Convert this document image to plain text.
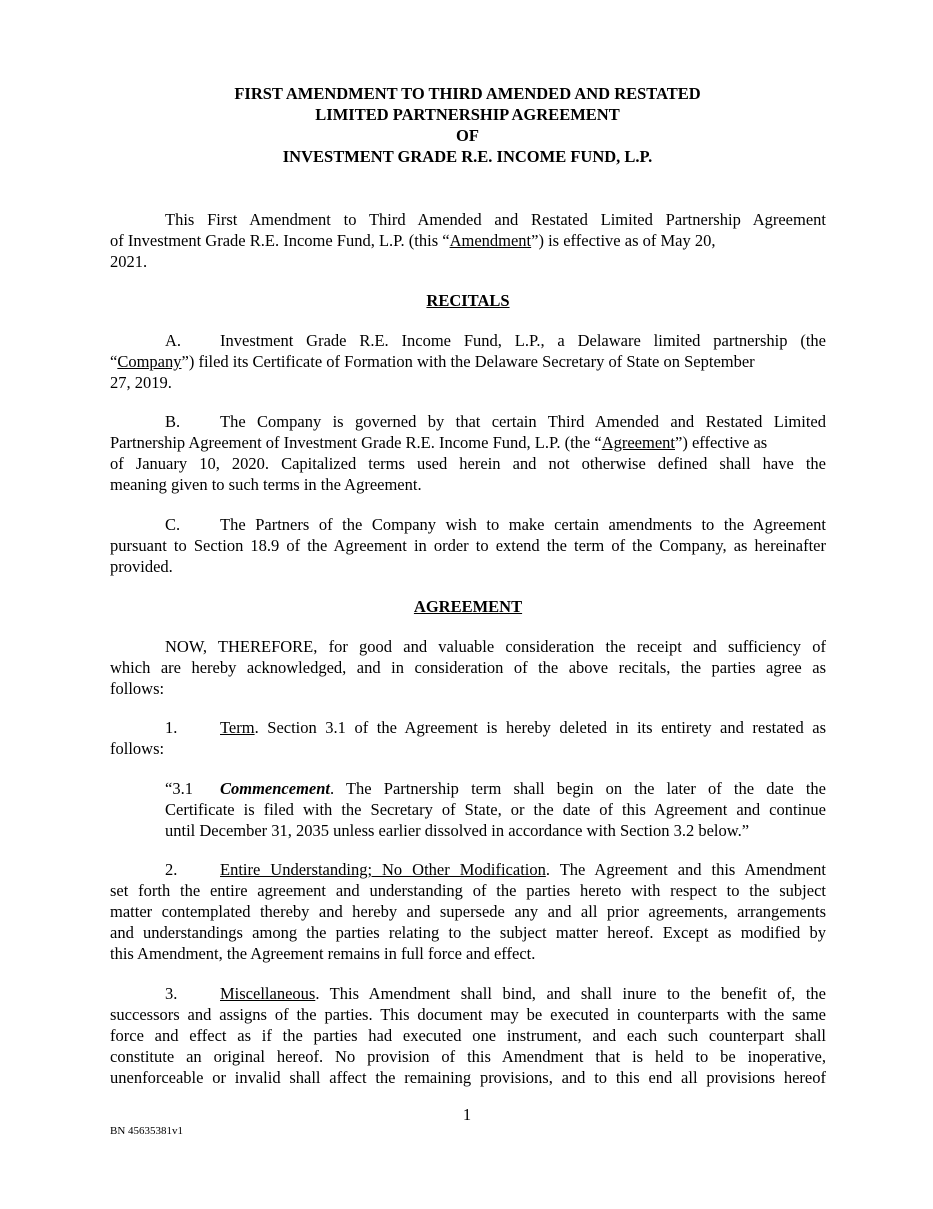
FIRST AMENDMENT TO THIRD AMENDED AND RESTATED
LIMITED PARTNERSHIP AGREEMENT
OF
INVESTMENT GRADE R.E. INCOME FUND, L.P.
This First Amendment to Third Amended and Restated Limited Partnership Agreement
of Investment Grade R.E. Income Fund, L.P. (this “Amendment”) is effective as of May 20,
2021.
RECITALS
A.	Investment Grade R.E. Income Fund, L.P., a Delaware limited partnership (the
“Company”) filed its Certificate of Formation with the Delaware Secretary of State on September
27, 2019.
B.	The Company is governed by that certain Third Amended and Restated Limited
Partnership Agreement of Investment Grade R.E. Income Fund, L.P. (the “Agreement”) effective as
of January 10, 2020. Capitalized terms used herein and not otherwise defined shall have the
meaning given to such terms in the Agreement.
C.	The Partners of the Company wish to make certain amendments to the Agreement
pursuant to Section 18.9 of the Agreement in order to extend the term of the Company, as hereinafter
provided.
AGREEMENT
NOW, THEREFORE, for good and valuable consideration the receipt and sufficiency of
which are hereby acknowledged, and in consideration of the above recitals, the parties agree as
follows:
1.	Term. Section 3.1 of the Agreement is hereby deleted in its entirety and restated as
follows:
“3.1	Commencement. The Partnership term shall begin on the later of the date the
Certificate is filed with the Secretary of State, or the date of this Agreement and continue
until December 31, 2035 unless earlier dissolved in accordance with Section 3.2 below.”
2.	Entire Understanding; No Other Modification. The Agreement and this Amendment
set forth the entire agreement and understanding of the parties hereto with respect to the subject
matter contemplated thereby and hereby and supersede any and all prior agreements, arrangements
and understandings among the parties relating to the subject matter hereof. Except as modified by
this Amendment, the Agreement remains in full force and effect.
3.	Miscellaneous. This Amendment shall bind, and shall inure to the benefit of, the
successors and assigns of the parties. This document may be executed in counterparts with the same
force and effect as if the parties had executed one instrument, and each such counterpart shall
constitute an original hereof. No provision of this Amendment that is held to be inoperative,
unenforceable or invalid shall affect the remaining provisions, and to this end all provisions hereof
1
BN 45635381v1
